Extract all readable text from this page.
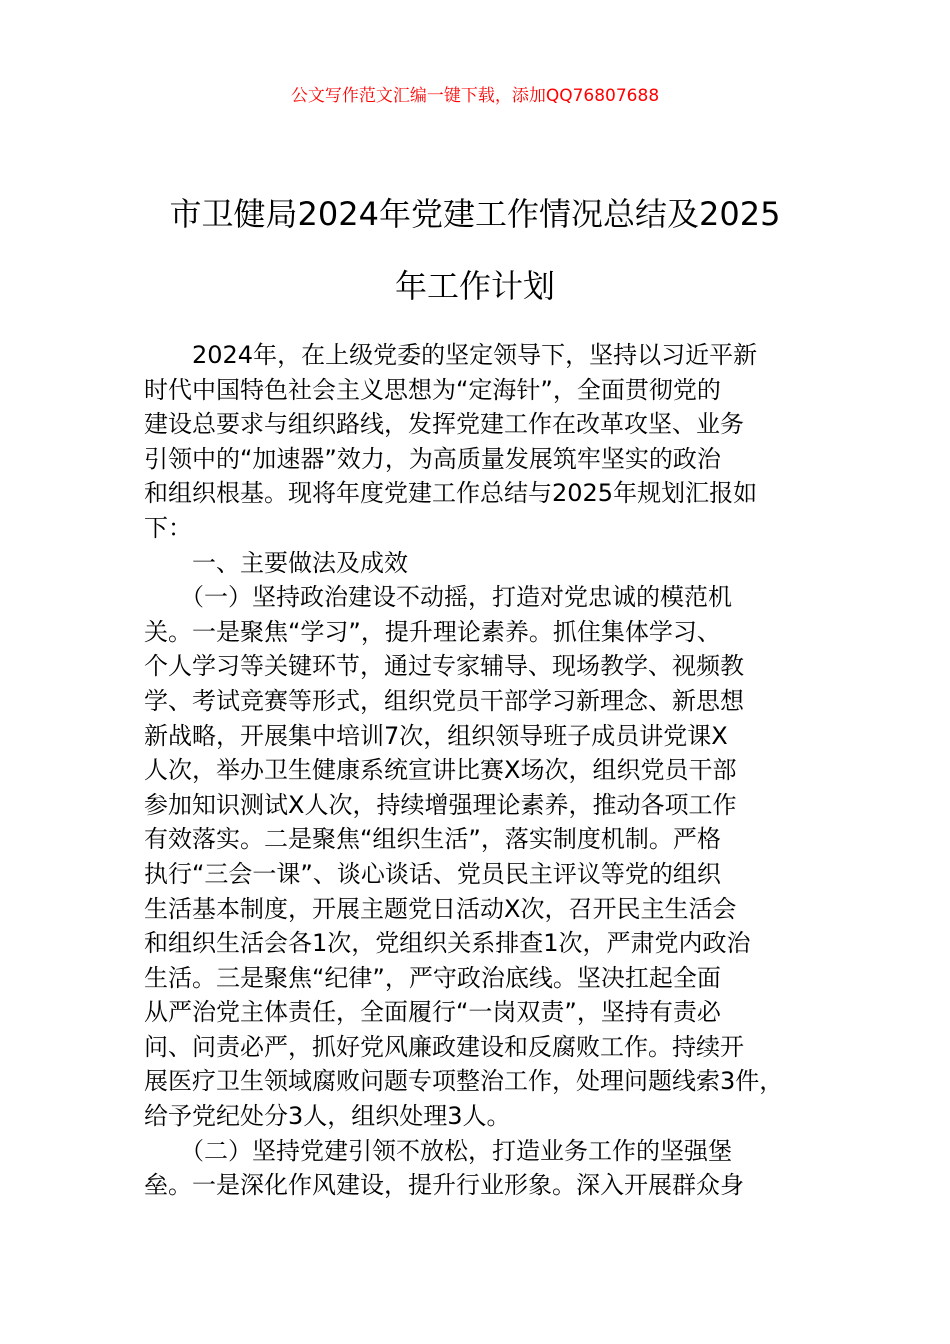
公文写作范文汇编一键下载，添加QQ76807688
市卫健局2024年党建工作情况总结及2025
年工作计划
　　2024年，在上级党委的坚定领导下，坚持以习近平新
时代中国特色社会主义思想为“定海针”，全面贯彻党的
建设总要求与组织路线，发挥党建工作在改革攻坚、业务
引领中的“加速器”效力，为高质量发展筑牢坚实的政治
和组织根基。现将年度党建工作总结与2025年规划汇报如
下：
　　一、主要做法及成效
　　（一）坚持政治建设不动摇，打造对党忠诚的模范机
关。一是聚焦“学习”，提升理论素养。抓住集体学习、
个人学习等关键环节，通过专家辅导、现场教学、视频教
学、考试竞赛等形式，组织党员干部学习新理念、新思想
新战略，开展集中培训7次，组织领导班子成员讲党课X
人次，举办卫生健康系统宣讲比赛X场次，组织党员干部
参加知识测试X人次，持续增强理论素养，推动各项工作
有效落实。二是聚焦“组织生活”，落实制度机制。严格
执行“三会一课”、谈心谈话、党员民主评议等党的组织
生活基本制度，开展主题党日活动X次，召开民主生活会
和组织生活会各1次，党组织关系排查1次，严肃党内政治
生活。三是聚焦“纪律”，严守政治底线。坚决扛起全面
从严治党主体责任，全面履行“一岗双责”，坚持有责必
问、问责必严，抓好党风廉政建设和反腐败工作。持续开
展医疗卫生领域腐败问题专项整治工作，处理问题线索3件，
给予党纪处分3人，组织处理3人。
　　（二）坚持党建引领不放松，打造业务工作的坚强堡
垒。一是深化作风建设，提升行业形象。深入开展群众身
